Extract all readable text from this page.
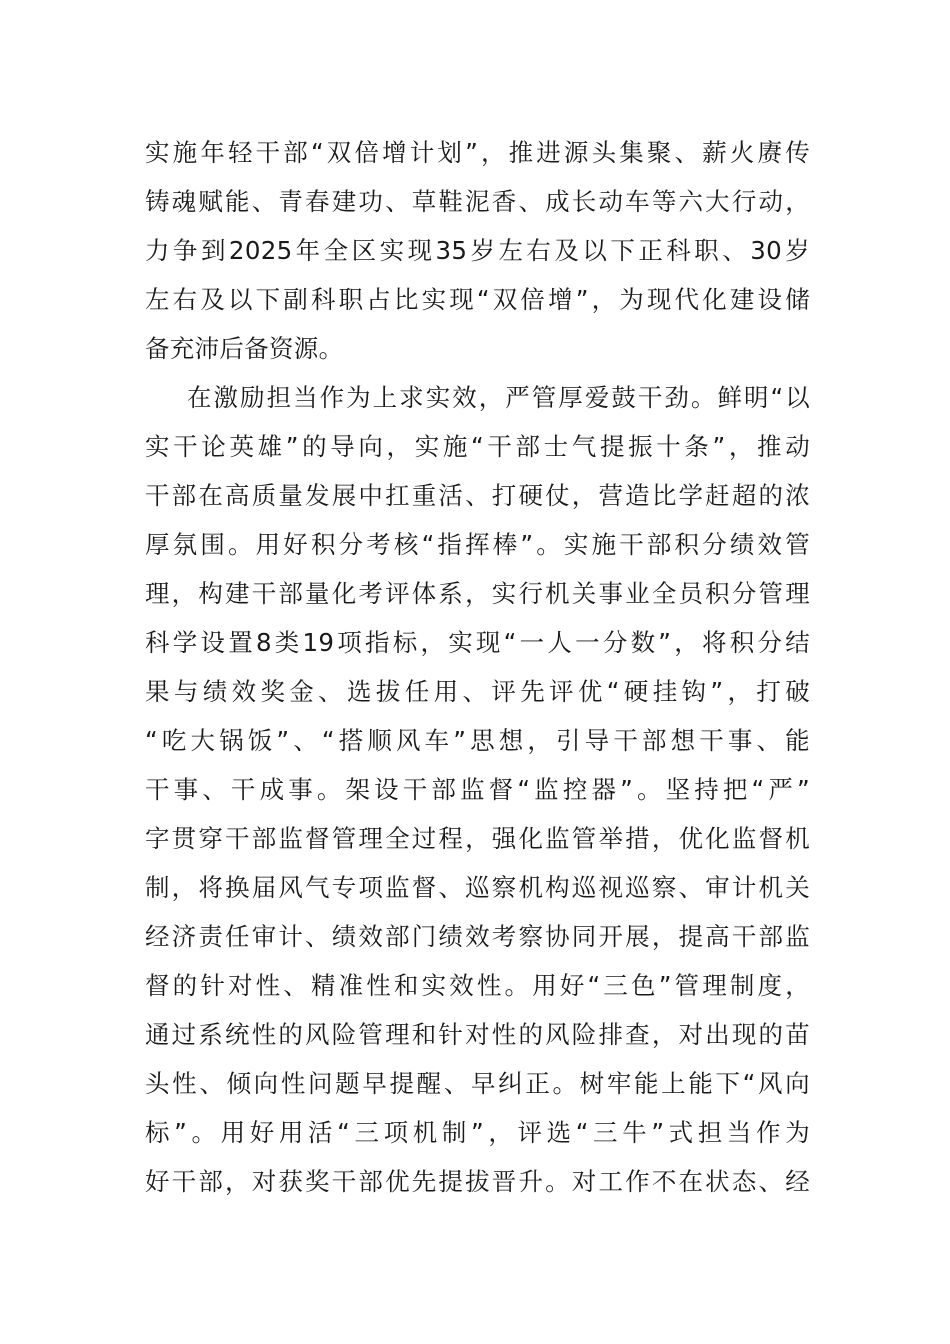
实施年轻干部“双倍增计划”，推进源头集聚、薪火赓传
铸魂赋能、青春建功、草鞋泥香、成长动车等六大行动，
力争到2025年全区实现35岁左右及以下正科职、30岁
左右及以下副科职占比实现“双倍增”，为现代化建设储
备充沛后备资源。
在激励担当作为上求实效，严管厚爱鼓干劲。鲜明“以
实干论英雄”的导向，实施“干部士气提振十条”，推动
干部在高质量发展中扛重活、打硬仗，营造比学赶超的浓
厚氛围。用好积分考核“指挥棒”。实施干部积分绩效管
理，构建干部量化考评体系，实行机关事业全员积分管理
科学设置8类19项指标，实现“一人一分数”，将积分结
果与绩效奖金、选拔任用、评先评优“硬挂钩”，打破
“吃大锅饭”、“搭顺风车”思想，引导干部想干事、能
干事、干成事。架设干部监督“监控器”。坚持把“严”
字贯穿干部监督管理全过程，强化监管举措，优化监督机
制，将换届风气专项监督、巡察机构巡视巡察、审计机关
经济责任审计、绩效部门绩效考察协同开展，提高干部监
督的针对性、精准性和实效性。用好“三色”管理制度，
通过系统性的风险管理和针对性的风险排查，对出现的苗
头性、倾向性问题早提醒、早纠正。树牢能上能下“风向
标”。用好用活“三项机制”，评选“三牛”式担当作为
好干部，对获奖干部优先提拔晋升。对工作不在状态、经
